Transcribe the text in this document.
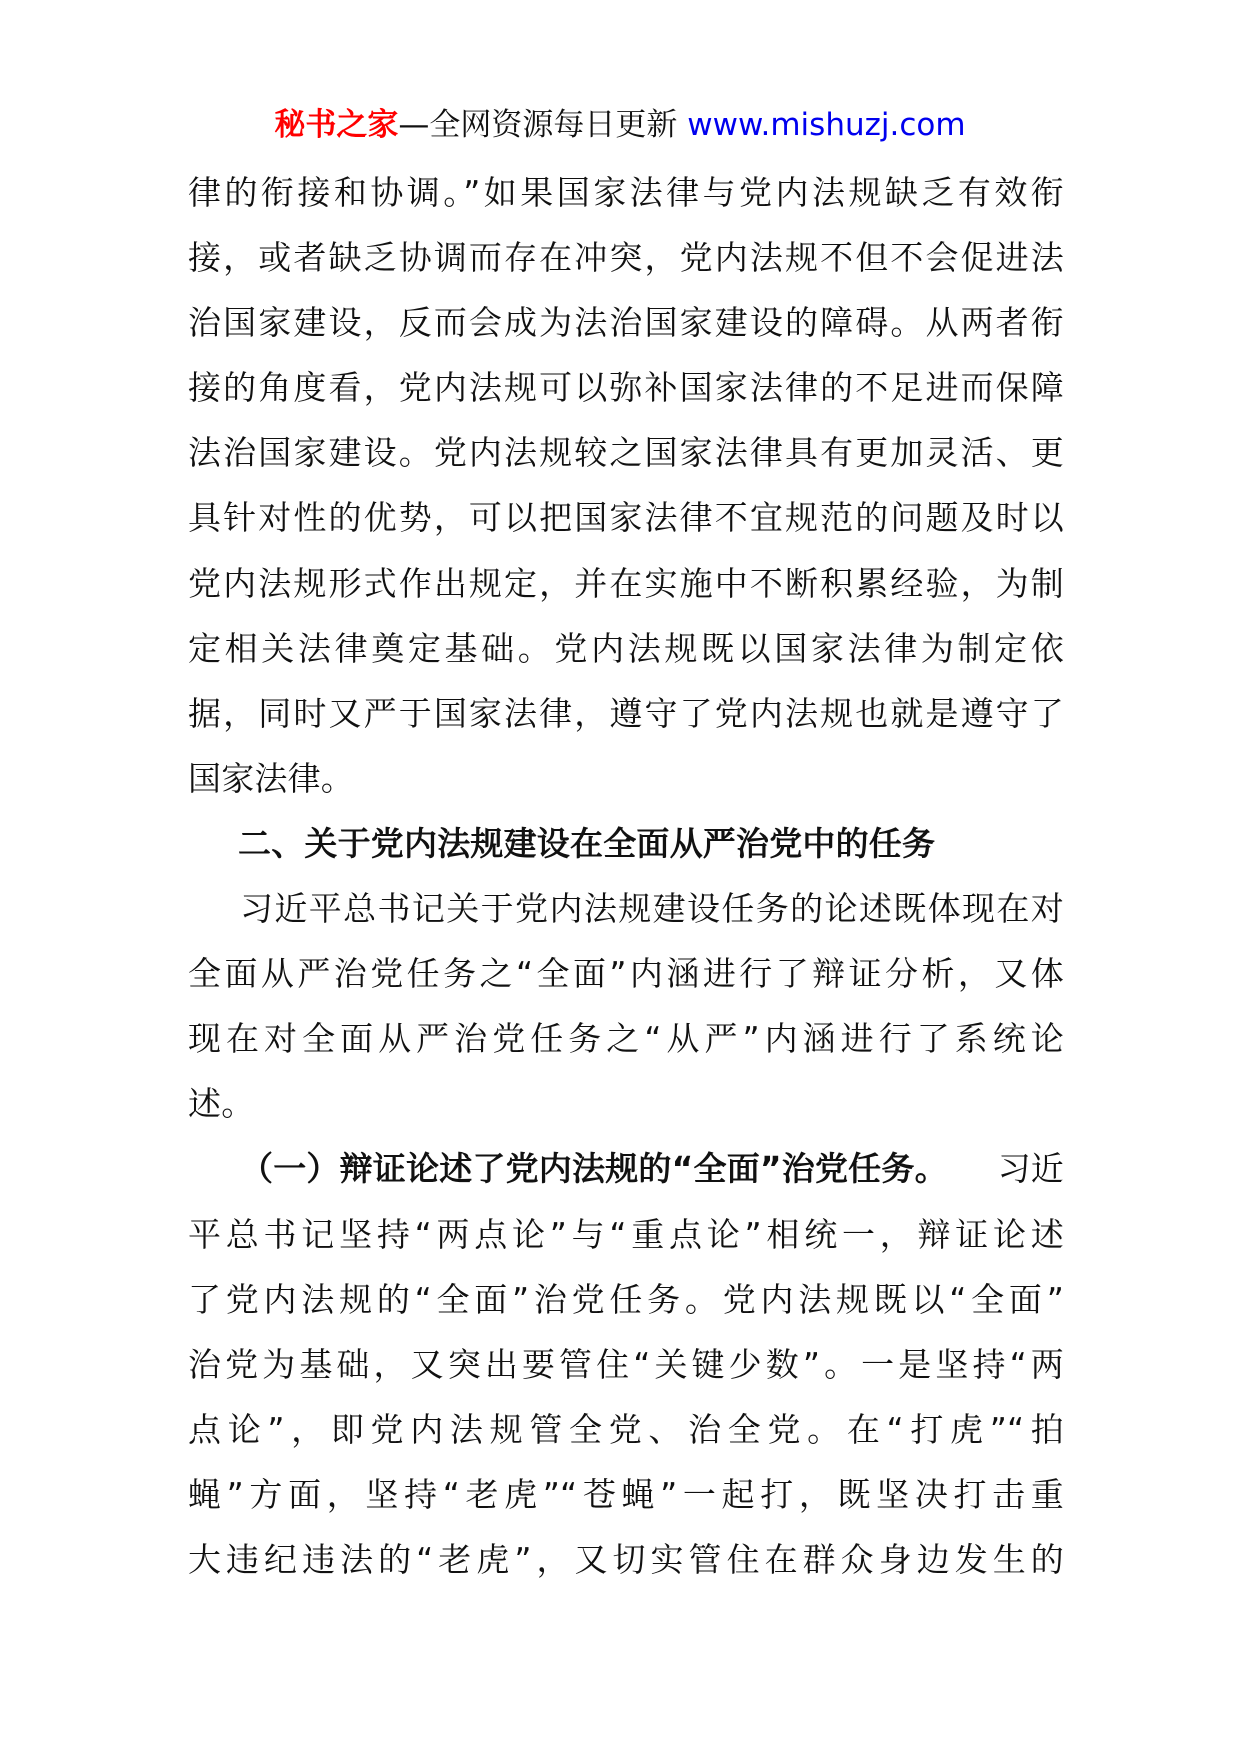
秘书之家—全网资源每日更新 www.mishuzj.com
律的衔接和协调。”如果国家法律与党内法规缺乏有效衔
接，或者缺乏协调而存在冲突，党内法规不但不会促进法
治国家建设，反而会成为法治国家建设的障碍。从两者衔
接的角度看，党内法规可以弥补国家法律的不足进而保障
法治国家建设。党内法规较之国家法律具有更加灵活、更
具针对性的优势，可以把国家法律不宜规范的问题及时以
党内法规形式作出规定，并在实施中不断积累经验，为制
定相关法律奠定基础。党内法规既以国家法律为制定依
据，同时又严于国家法律，遵守了党内法规也就是遵守了
国家法律。
二、关于党内法规建设在全面从严治党中的任务
习近平总书记关于党内法规建设任务的论述既体现在对
全面从严治党任务之“全面”内涵进行了辩证分析，又体
现在对全面从严治党任务之“从严”内涵进行了系统论
述。
（一）辩证论述了党内法规的“全面”治党任务。 习近
平总书记坚持“两点论”与“重点论”相统一，辩证论述
了党内法规的“全面”治党任务。党内法规既以“全面”
治党为基础，又突出要管住“关键少数”。一是坚持“两
点论”，即党内法规管全党、治全党。在“打虎”“拍
蝇”方面，坚持“老虎”“苍蝇”一起打，既坚决打击重
大违纪违法的“老虎”，又切实管住在群众身边发生的
